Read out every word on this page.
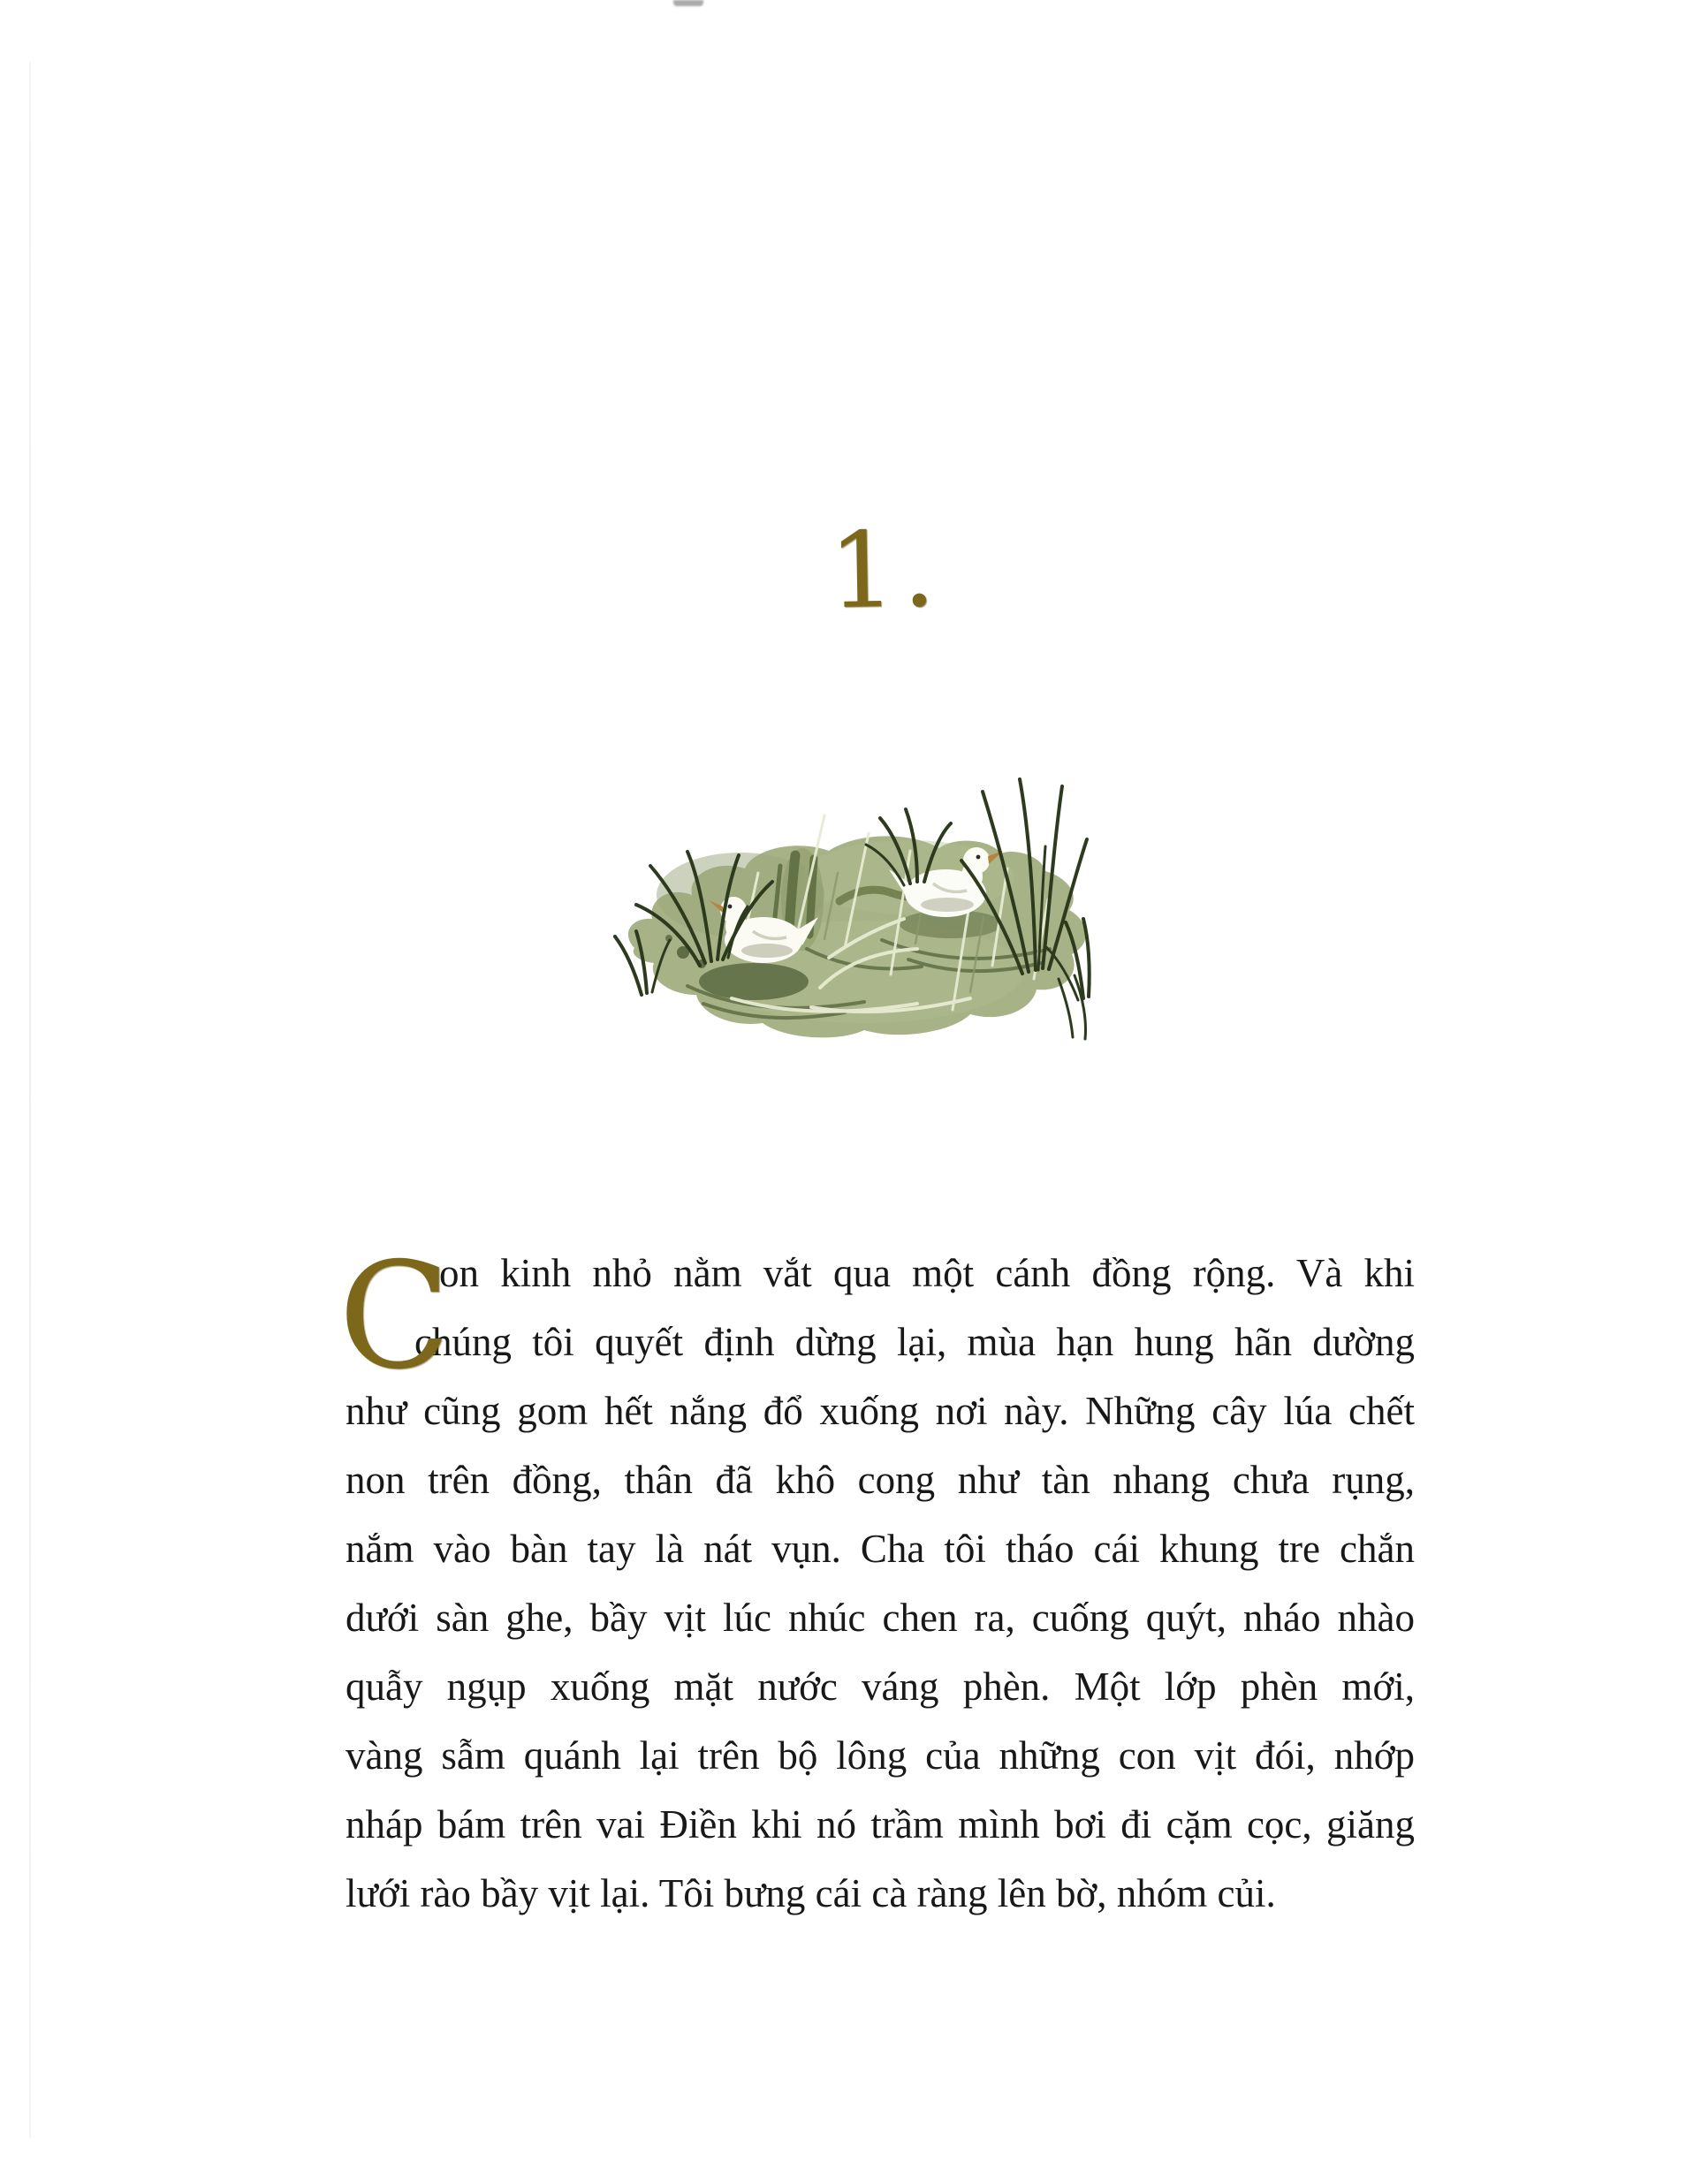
1.
C
on kinh nhỏ nằm vắt qua một cánh đồng rộng. Và khi
chúng tôi quyết định dừng lại, mùa hạn hung hãn dường
như cũng gom hết nắng đổ xuống nơi này. Những cây lúa chết
non trên đồng, thân đã khô cong như tàn nhang chưa rụng,
nắm vào bàn tay là nát vụn. Cha tôi tháo cái khung tre chắn
dưới sàn ghe, bầy vịt lúc nhúc chen ra, cuống quýt, nháo nhào
quẫy ngụp xuống mặt nước váng phèn. Một lớp phèn mới,
vàng sẫm quánh lại trên bộ lông của những con vịt đói, nhớp
nháp bám trên vai Điền khi nó trầm mình bơi đi cặm cọc, giăng
lưới rào bầy vịt lại. Tôi bưng cái cà ràng lên bờ, nhóm củi.
